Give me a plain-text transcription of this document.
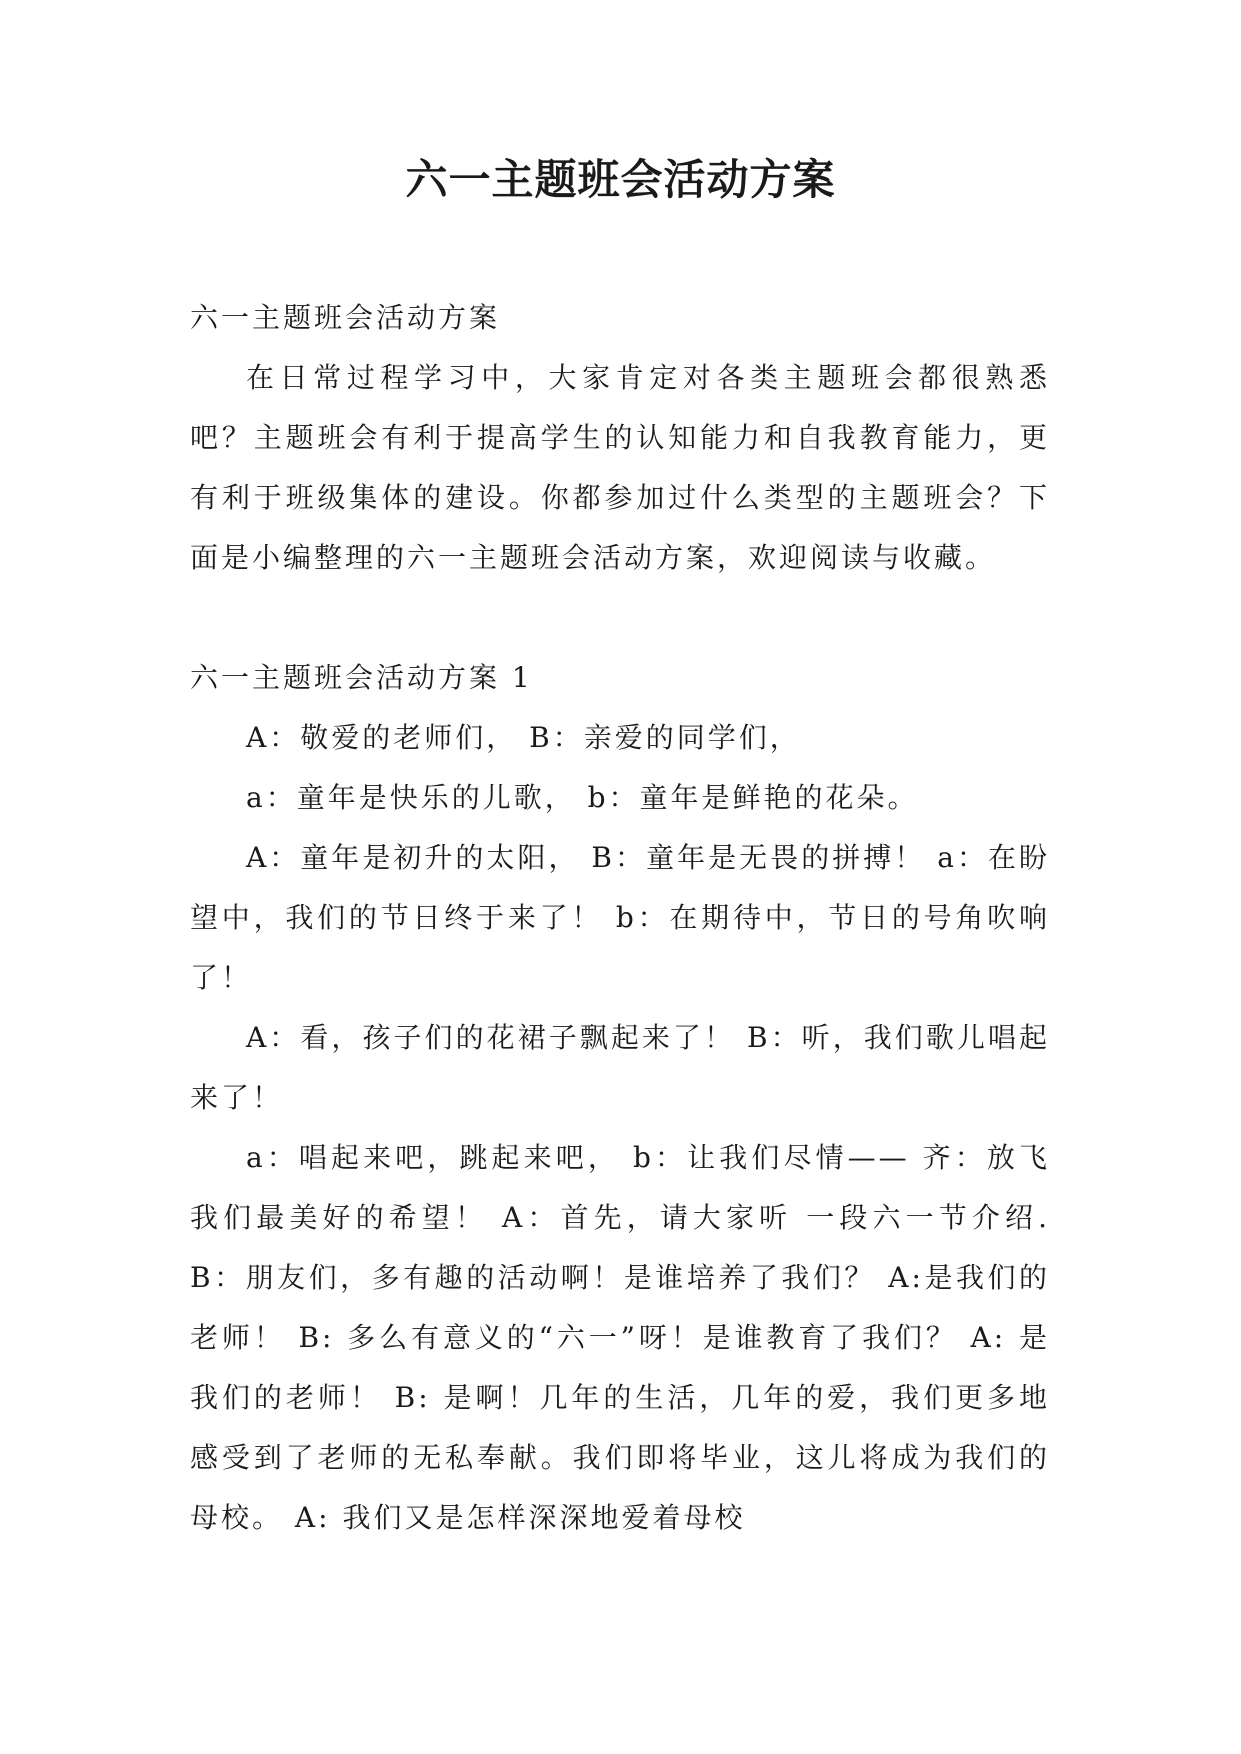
六一主题班会活动方案

六一主题班会活动方案

在日常过程学习中，大家肯定对各类主题班会都很熟悉吧？主题班会有利于提高学生的认知能力和自我教育能力，更有利于班级集体的建设。你都参加过什么类型的主题班会？下面是小编整理的六一主题班会活动方案，欢迎阅读与收藏。

六一主题班会活动方案 1

A：敬爱的老师们， B：亲爱的同学们，

a：童年是快乐的儿歌， b：童年是鲜艳的花朵。

A：童年是初升的太阳， B：童年是无畏的拼搏！ a：在盼望中，我们的节日终于来了！ b：在期待中，节日的号角吹响了！

A：看，孩子们的花裙子飘起来了！ B：听，我们歌儿唱起来了！

a：唱起来吧，跳起来吧， b：让我们尽情—— 齐：放飞我们最美好的希望！ A：首先，请大家听 一段六一节介绍. B：朋友们，多有趣的活动啊！是谁培养了我们？ A:是我们的老师！ B: 多么有意义的“六一”呀！是谁教育了我们？ A: 是我们的老师！ B: 是啊！几年的生活，几年的爱，我们更多地感受到了老师的无私奉献。我们即将毕业，这儿将成为我们的母校。 A: 我们又是怎样深深地爱着母校
